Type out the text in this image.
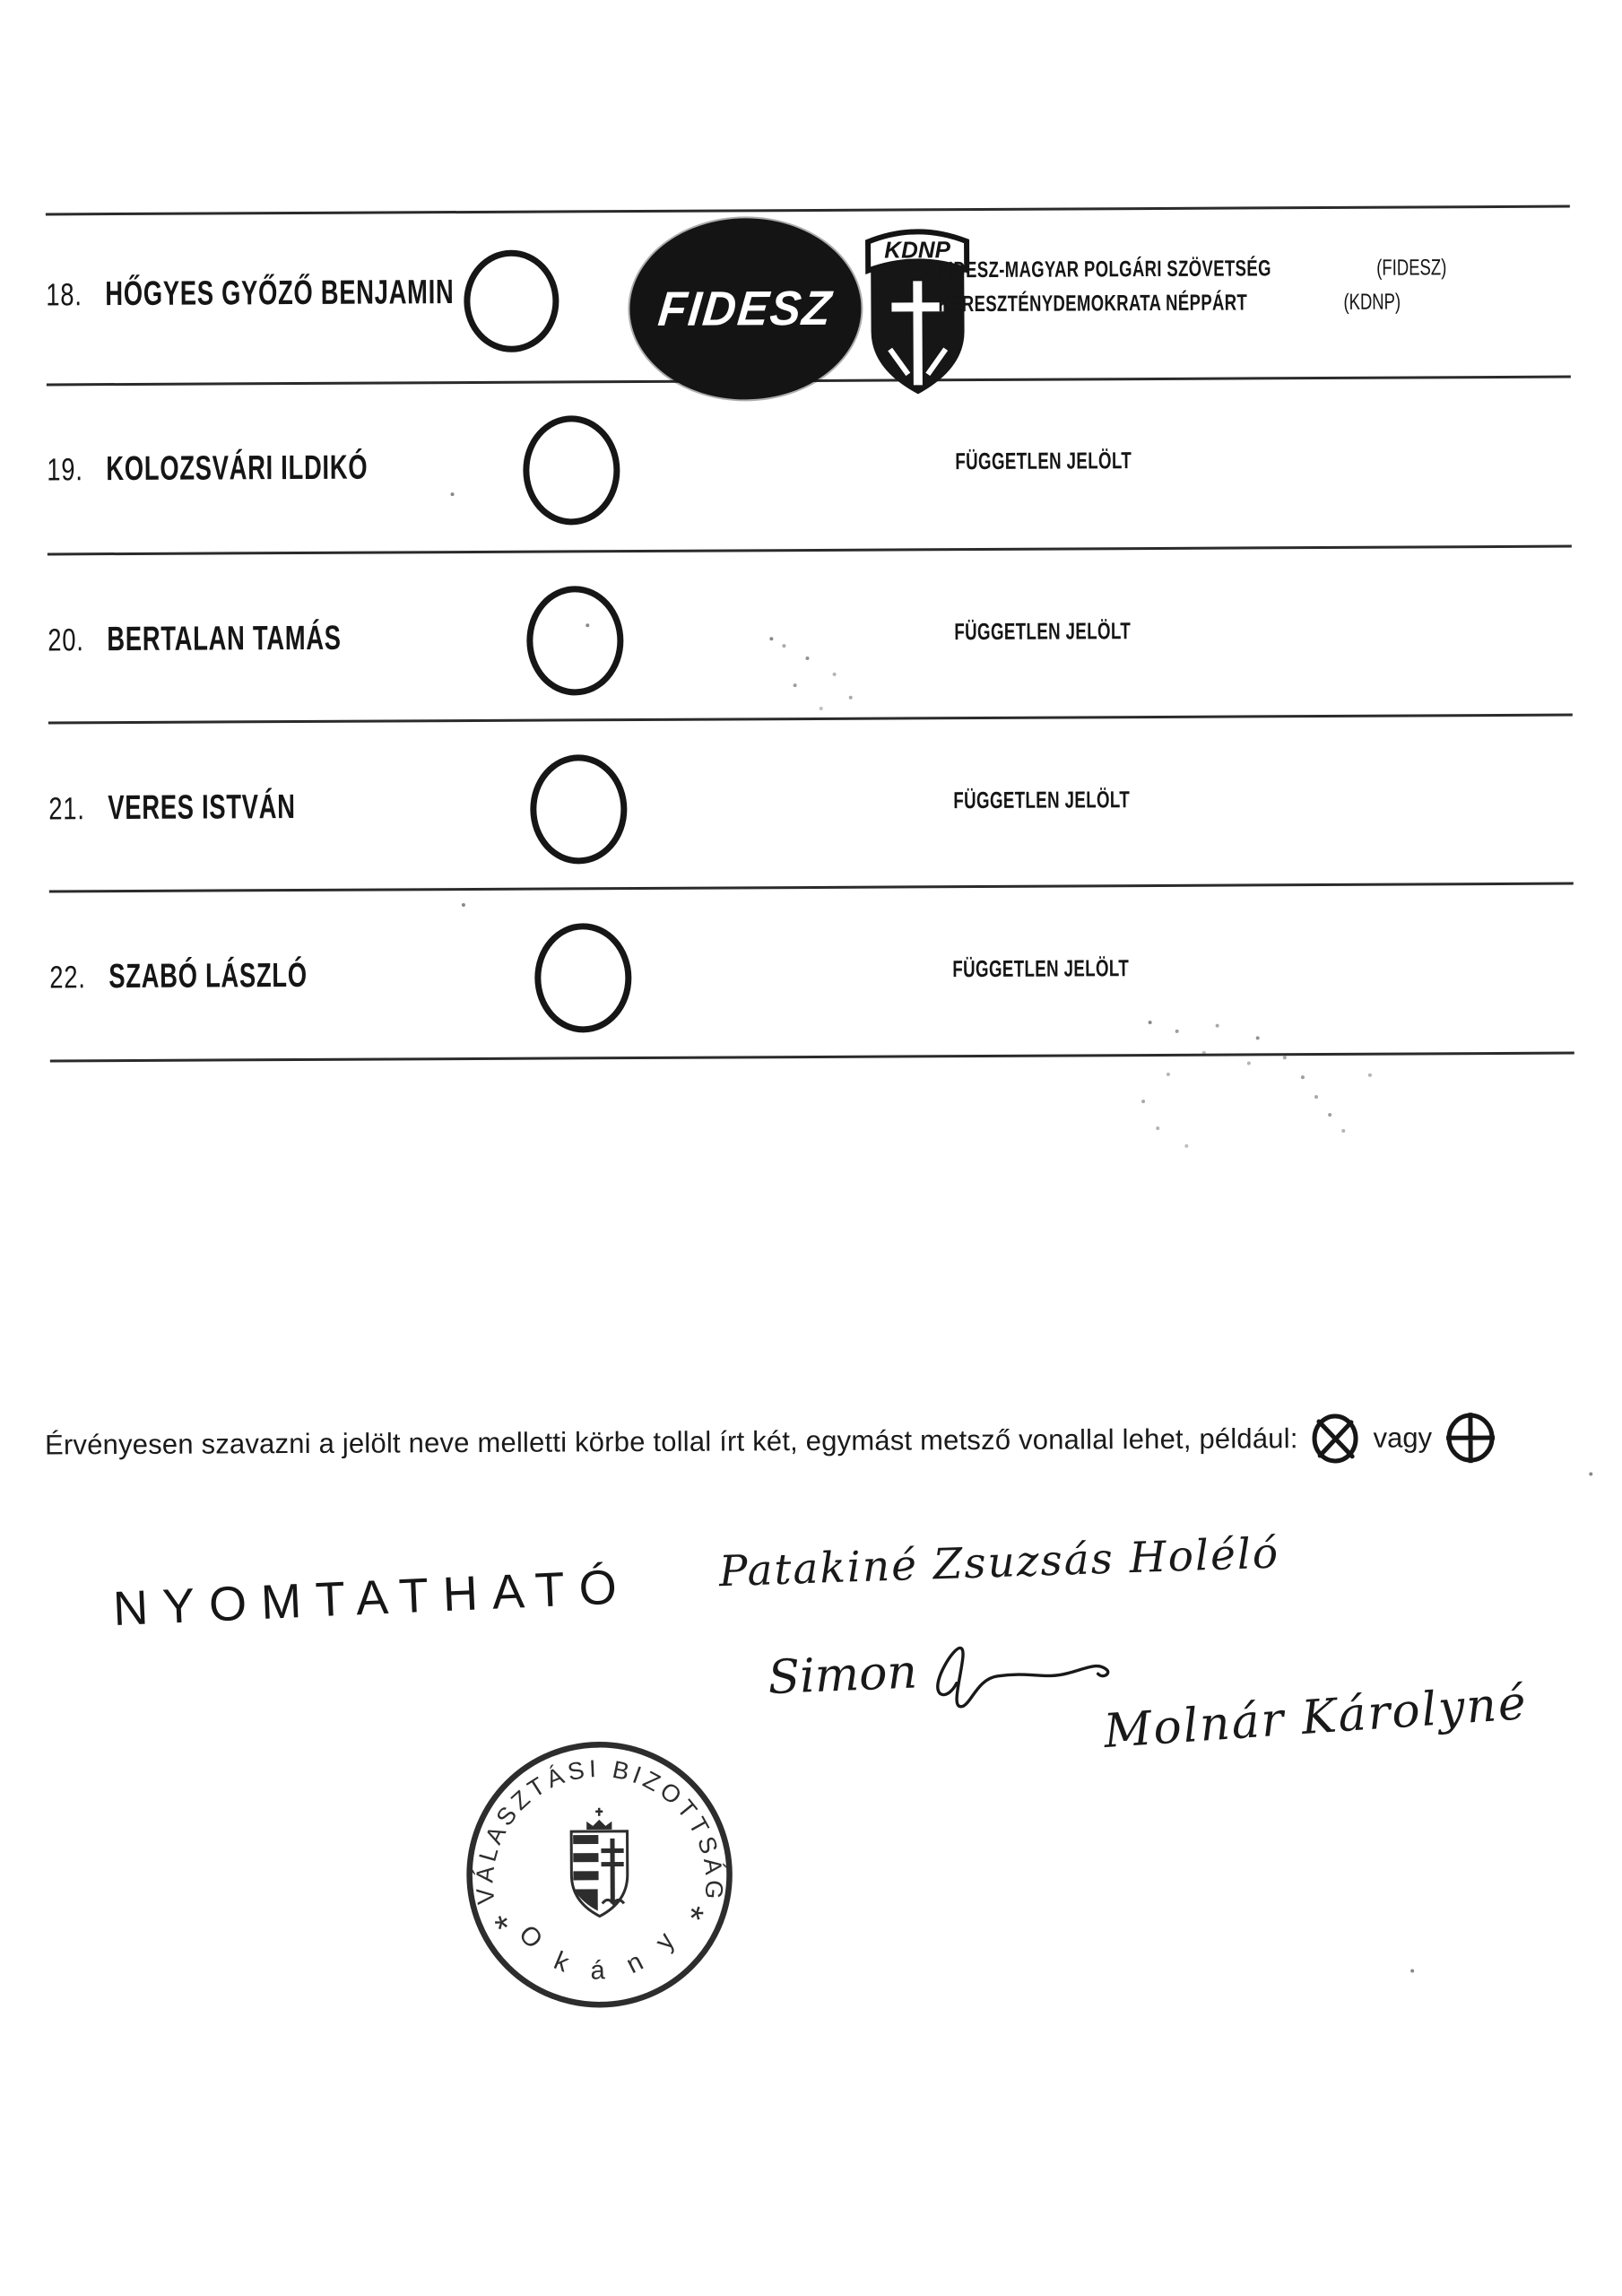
18. HŐGYES GYŐZŐ BENJAMIN	FIDESZ
KDNP
FIDESZ-MAGYAR POLGÁRI SZÖVETSÉG	(FIDESZ)
KERESZTÉNYDEMOKRATA NÉPPÁRT	(KDNP)
19. KOLOZSVÁRI ILDIKÓ	FÜGGETLEN JELÖLT
20. BERTALAN TAMÁS	FÜGGETLEN JELÖLT
21. VERES ISTVÁN	FÜGGETLEN JELÖLT
22. SZABÓ LÁSZLÓ	FÜGGETLEN JELÖLT
Érvényesen szavazni a jelölt neve melletti körbe tollal írt két, egymást metsző vonallal lehet, például:	vagy
NYOMTATHATÓ Patakiné Zsuzsás Holéló
Simon
Molnár Károlyné
VÁLASZTÁSI BIZOTTSÁG
O k á n y
*	*
